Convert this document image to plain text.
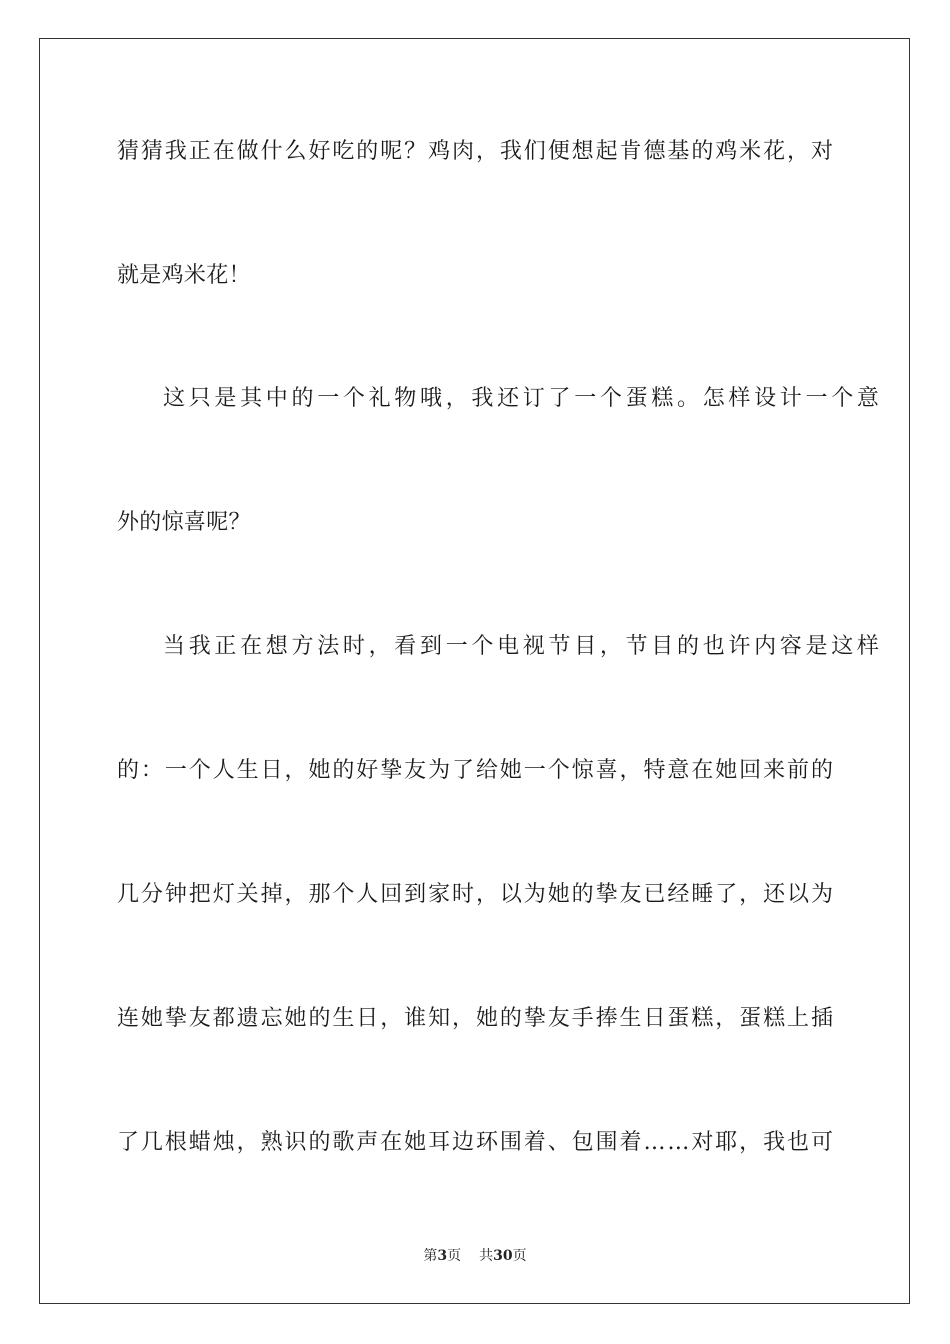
猜猜我正在做什么好吃的呢？鸡肉，我们便想起肯德基的鸡米花，对
就是鸡米花！
这只是其中的一个礼物哦，我还订了一个蛋糕。怎样设计一个意
外的惊喜呢？
当我正在想方法时，看到一个电视节目，节目的也许内容是这样
的：一个人生日，她的好挚友为了给她一个惊喜，特意在她回来前的
几分钟把灯关掉，那个人回到家时，以为她的挚友已经睡了，还以为
连她挚友都遗忘她的生日，谁知，她的挚友手捧生日蛋糕，蛋糕上插
了几根蜡烛，熟识的歌声在她耳边环围着、包围着……对耶，我也可
第3页 共30页
